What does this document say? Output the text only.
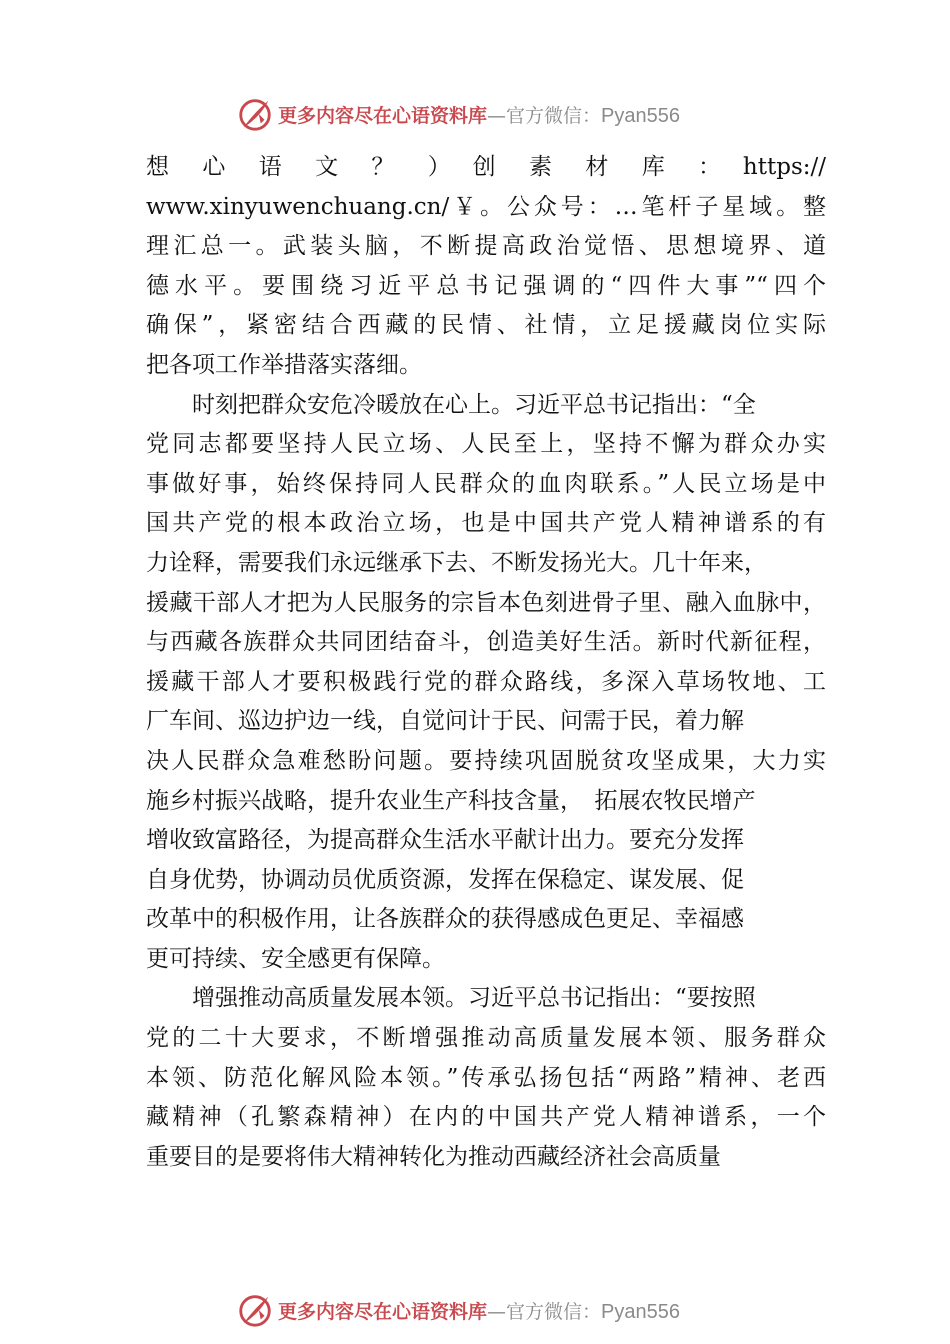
更多内容尽在心语资料库—官方微信：Pyan556
想　心　语　文　？　）　创　素　材　库　：　https://
www.xinyuwenchuang.cn/￥。公众号：…笔杆子星域。整
理汇总一。武装头脑，不断提高政治觉悟、思想境界、道
德水平。要围绕习近平总书记强调的“四件大事”“四个
确保”，紧密结合西藏的民情、社情，立足援藏岗位实际
把各项工作举措落实落细。
　　时刻把群众安危冷暖放在心上。习近平总书记指出：“全
党同志都要坚持人民立场、人民至上，坚持不懈为群众办实
事做好事，始终保持同人民群众的血肉联系。”人民立场是中
国共产党的根本政治立场，也是中国共产党人精神谱系的有
力诠释，需要我们永远继承下去、不断发扬光大。几十年来，
援藏干部人才把为人民服务的宗旨本色刻进骨子里、融入血脉中，
与西藏各族群众共同团结奋斗，创造美好生活。新时代新征程，
援藏干部人才要积极践行党的群众路线，多深入草场牧地、工
厂车间、巡边护边一线，自觉问计于民、问需于民，着力解
决人民群众急难愁盼问题。要持续巩固脱贫攻坚成果，大力实
施乡村振兴战略，提升农业生产科技含量，　拓展农牧民增产
增收致富路径，为提高群众生活水平献计出力。要充分发挥
自身优势，协调动员优质资源，发挥在保稳定、谋发展、促
改革中的积极作用，让各族群众的获得感成色更足、幸福感
更可持续、安全感更有保障。
　　增强推动高质量发展本领。习近平总书记指出：“要按照
党的二十大要求，不断增强推动高质量发展本领、服务群众
本领、防范化解风险本领。”传承弘扬包括“两路”精神、老西
藏精神（孔繁森精神）在内的中国共产党人精神谱系，一个
重要目的是要将伟大精神转化为推动西藏经济社会高质量
更多内容尽在心语资料库—官方微信：Pyan556
